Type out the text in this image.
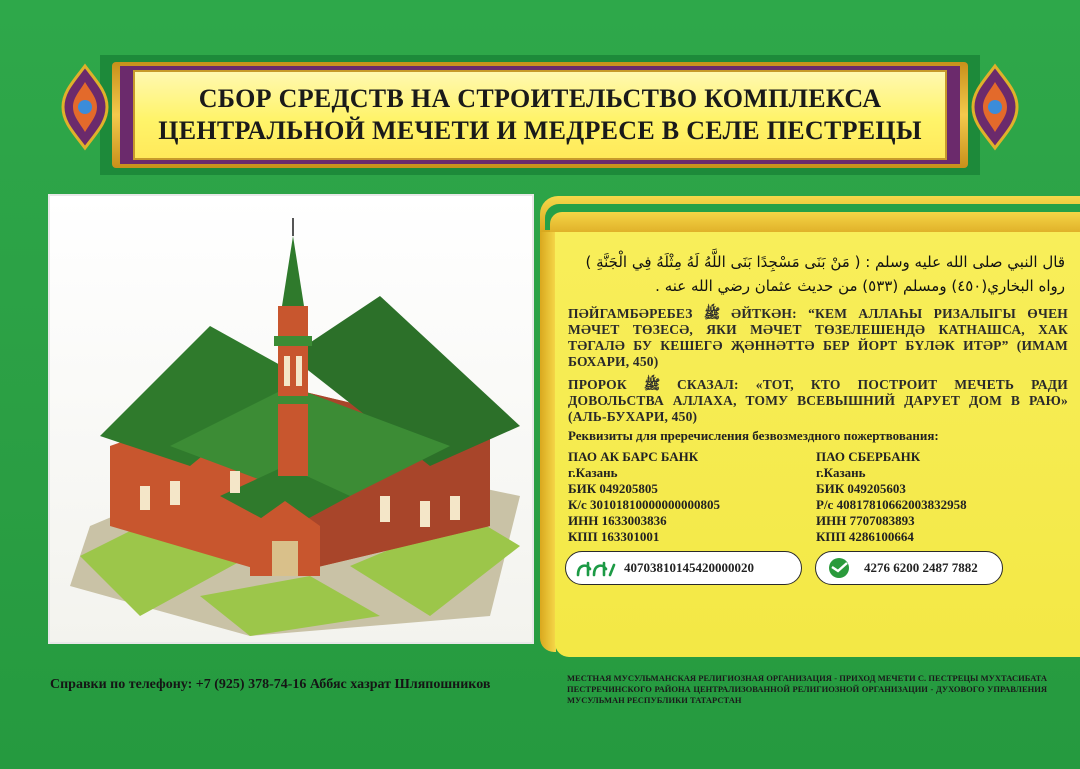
СБОР СРЕДСТВ НА СТРОИТЕЛЬСТВО КОМПЛЕКСА
ЦЕНТРАЛЬНОЙ МЕЧЕТИ И МЕДРЕСЕ В СЕЛЕ ПЕСТРЕЦЫ
قال النبي صلى الله عليه وسلم : ( مَنْ بَنَى مَسْجِدًا بَنَى اللَّهُ لَهُ مِثْلَهُ فِي الْجَنَّةِ )
رواه البخاري(٤٥٠) ومسلم (٥٣٣) من حديث عثمان رضي الله عنه .
ПӘЙГАМБӘРЕБЕЗ ﷺ ӘЙТКӘН: “КЕМ АЛЛАҺЫ РИЗАЛЫГЫ ӨЧЕН МӘЧЕТ ТӨЗЕСӘ, ЯКИ МӘЧЕТ ТӨЗЕЛЕШЕНДӘ КАТНАШСА, ХАК ТӘГАЛӘ БУ КЕШЕГӘ ҖӘННӘТТӘ БЕР ЙОРТ БҮЛӘК ИТӘР” (ИМАМ БОХАРИ, 450)
ПРОРОК ﷺ СКАЗАЛ: «ТОТ, КТО ПОСТРОИТ МЕЧЕТЬ РАДИ ДОВОЛЬСТВА АЛЛАХА, ТОМУ ВСЕВЫШНИЙ ДАРУЕТ ДОМ В РАЮ» (АЛЬ-БУХАРИ, 450)
Реквизиты для преречисления безвозмездного пожертвования:
ПАО АК БАРС БАНК
г.Казань
БИК 049205805
К/с 30101810000000000805
ИНН 1633003836
КПП 163301001
ПАО СБЕРБАНК
г.Казань
БИК 049205603
Р/с 40817810662003832958
ИНН 7707083893
КПП 4286100664
40703810145420000020	4276 6200 2487 7882
Справки по телефону: +7 (925) 378-74-16 Аббяс хазрат Шляпошников	МЕСТНАЯ МУСУЛЬМАНСКАЯ РЕЛИГИОЗНАЯ ОРГАНИЗАЦИЯ - ПРИХОД МЕЧЕТИ С. ПЕСТРЕЦЫ МУХТАСИБАТА ПЕСТРЕЧИНСКОГО РАЙОНА ЦЕНТРАЛИЗОВАННОЙ РЕЛИГИОЗНОЙ ОРГАНИЗАЦИИ - ДУХОВОГО УПРАВЛЕНИЯ МУСУЛЬМАН РЕСПУБЛИКИ ТАТАРСТАН
